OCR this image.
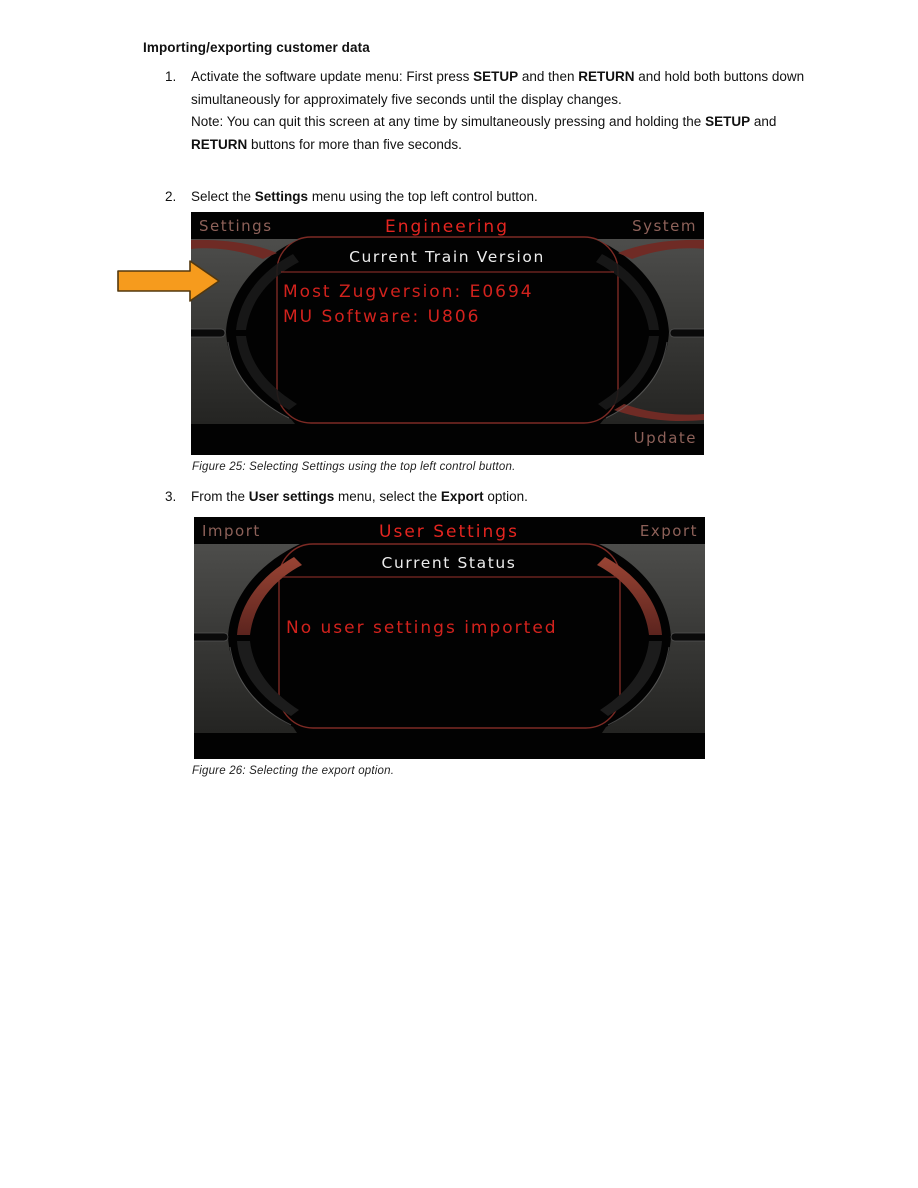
Importing/exporting customer data
1.	Activate the software update menu: First press SETUP and then RETURN and hold both buttons down simultaneously for approximately five seconds until the display changes.

Note: You can quit this screen at any time by simultaneously pressing and holding the SETUP and RETURN buttons for more than five seconds.

2.	Select the Settings menu using the top left control button.

Settings	Engineering	System
Current Train Version
Most Zugversion: E0694
MU Software: U806
Update
Figure 25: Selecting Settings using the top left control button.
3.	From the User settings menu, select the Export option.

Import	User Settings	Export
Current Status
No user settings imported
Figure 26: Selecting the export option.
